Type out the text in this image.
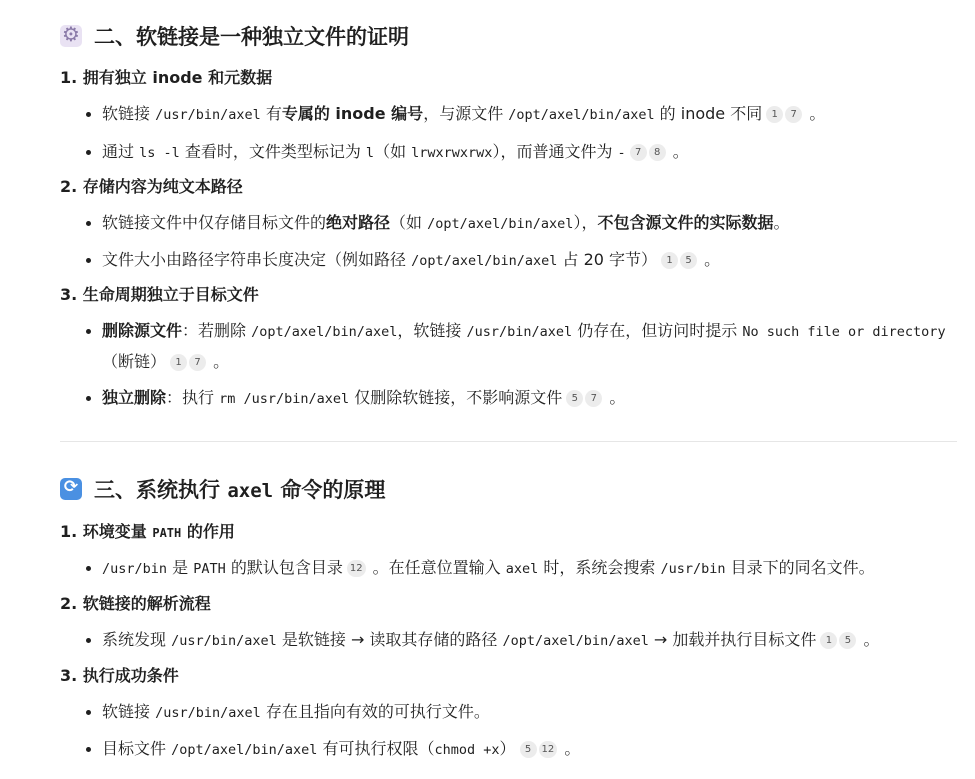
⚙
二、软链接是一种独立文件的证明
1. 拥有独立 inode 和元数据
软链接 /usr/bin/axel 有专属的 inode 编号，与源文件 /opt/axel/bin/axel 的 inode 不同 1 7 。
通过 ls -l 查看时，文件类型标记为 l（如 lrwxrwxrwx），而普通文件为 - 7 8 。
2. 存储内容为纯文本路径
软链接文件中仅存储目标文件的绝对路径（如 /opt/axel/bin/axel），不包含源文件的实际数据。
文件大小由路径字符串长度决定（例如路径 /opt/axel/bin/axel 占 20 字节） 1 5 。
3. 生命周期独立于目标文件
删除源文件：若删除 /opt/axel/bin/axel，软链接 /usr/bin/axel 仍存在，但访问时提示 No such file or directory（断链） 1 7 。
独立删除：执行 rm /usr/bin/axel 仅删除软链接，不影响源文件 5 7 。
⟳
三、系统执行 axel 命令的原理
1. 环境变量 PATH 的作用
/usr/bin 是 PATH 的默认包含目录 12 。在任意位置输入 axel 时，系统会搜索 /usr/bin 目录下的同名文件。
2. 软链接的解析流程
系统发现 /usr/bin/axel 是软链接 → 读取其存储的路径 /opt/axel/bin/axel → 加载并执行目标文件 1 5 。
3. 执行成功条件
软链接 /usr/bin/axel 存在且指向有效的可执行文件。
目标文件 /opt/axel/bin/axel 有可执行权限（chmod +x） 5 12 。
